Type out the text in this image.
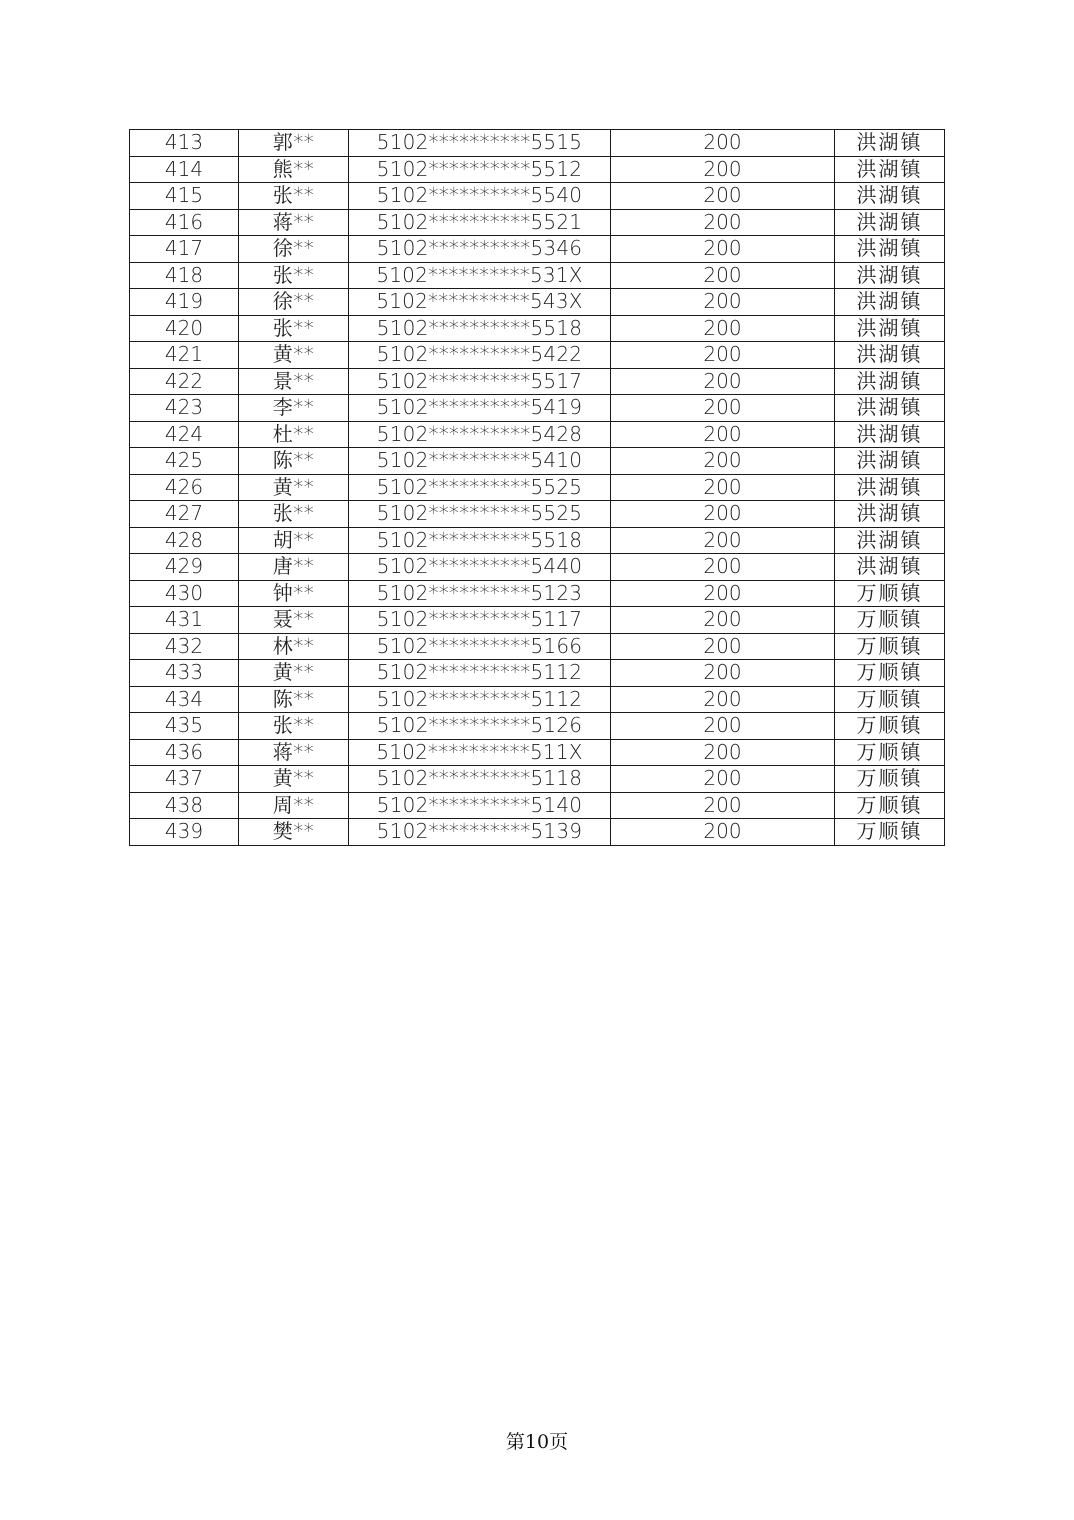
413	郭**	5102**********5515	200	洪湖镇
414	熊**	5102**********5512	200	洪湖镇
415	张**	5102**********5540	200	洪湖镇
416	蒋**	5102**********5521	200	洪湖镇
417	徐**	5102**********5346	200	洪湖镇
418	张**	5102**********531X	200	洪湖镇
419	徐**	5102**********543X	200	洪湖镇
420	张**	5102**********5518	200	洪湖镇
421	黄**	5102**********5422	200	洪湖镇
422	景**	5102**********5517	200	洪湖镇
423	李**	5102**********5419	200	洪湖镇
424	杜**	5102**********5428	200	洪湖镇
425	陈**	5102**********5410	200	洪湖镇
426	黄**	5102**********5525	200	洪湖镇
427	张**	5102**********5525	200	洪湖镇
428	胡**	5102**********5518	200	洪湖镇
429	唐**	5102**********5440	200	洪湖镇
430	钟**	5102**********5123	200	万顺镇
431	聂**	5102**********5117	200	万顺镇
432	林**	5102**********5166	200	万顺镇
433	黄**	5102**********5112	200	万顺镇
434	陈**	5102**********5112	200	万顺镇
435	张**	5102**********5126	200	万顺镇
436	蒋**	5102**********511X	200	万顺镇
437	黄**	5102**********5118	200	万顺镇
438	周**	5102**********5140	200	万顺镇
439	樊**	5102**********5139	200	万顺镇
第10页
